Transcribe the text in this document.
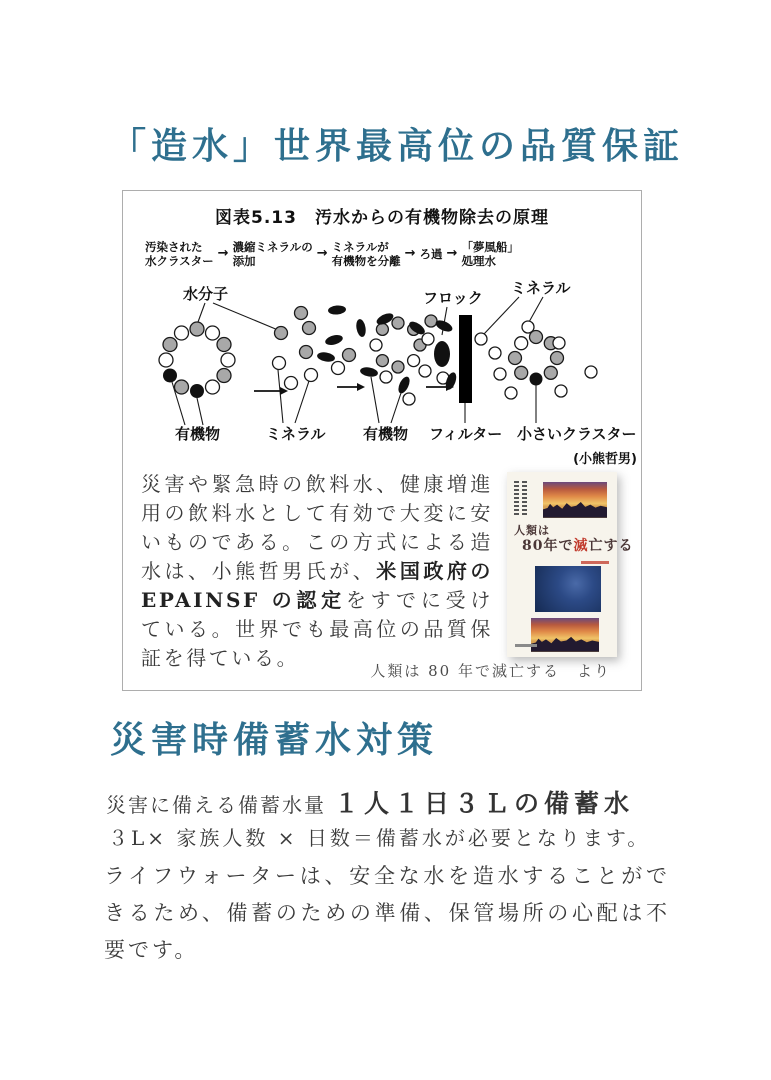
「造水」世界最高位の品質保証
図表5.13　汚水からの有機物除去の原理
汚染された
水クラスター
→ 濃縮ミネラルの
添加
→ ミネラルが
有機物を分離
→ ろ過 → 「夢風船」
処理水
水分子	フロック
ミネラル
有機物	ミネラル 有機物 フィルター 小さいクラスター
(小熊哲男)

災害や緊急時の飲料水、健康増進用の飲料水として有効で大変に安いものである。この方式による造水は、小熊哲男氏が、米国政府のEPAINSF の認定をすでに受けている。世界でも最高位の品質保証を得ている。

人類は
80年で滅亡する
人類は 80 年で滅亡する　より
災害時備蓄水対策

災害に備える備蓄水量 １人１日３Ｌの備蓄水

３L× 家族人数 × 日数＝備蓄水が必要となります。

ライフウォーターは、安全な水を造水することができるため、備蓄のための準備、保管場所の心配は不要です。
